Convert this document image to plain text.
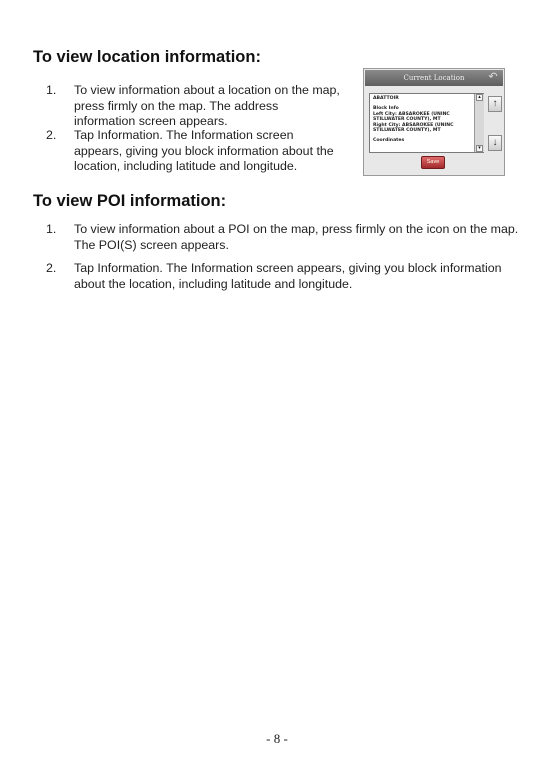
To view location information:
1. To view information about a location on the map, press firmly on the map. The address information screen appears.
2. Tap Information. The Information screen appears, giving you block information about the location, including latitude and longitude.
Current Location	↶
ABATTOIR
Block Info
Left City: ABSAROKEE (UNINC
STILLWATER COUNTY), MT
Right City: ABSAROKEE (UNINC
STILLWATER COUNTY), MT
Coordinates
▴
▾
↑
↓
Save
To view POI information:
1. To view information about a POI on the map, press firmly on the icon on the map. The POI(S) screen appears.
2. Tap Information. The Information screen appears, giving you block information about the location, including latitude and longitude.
- 8 -
